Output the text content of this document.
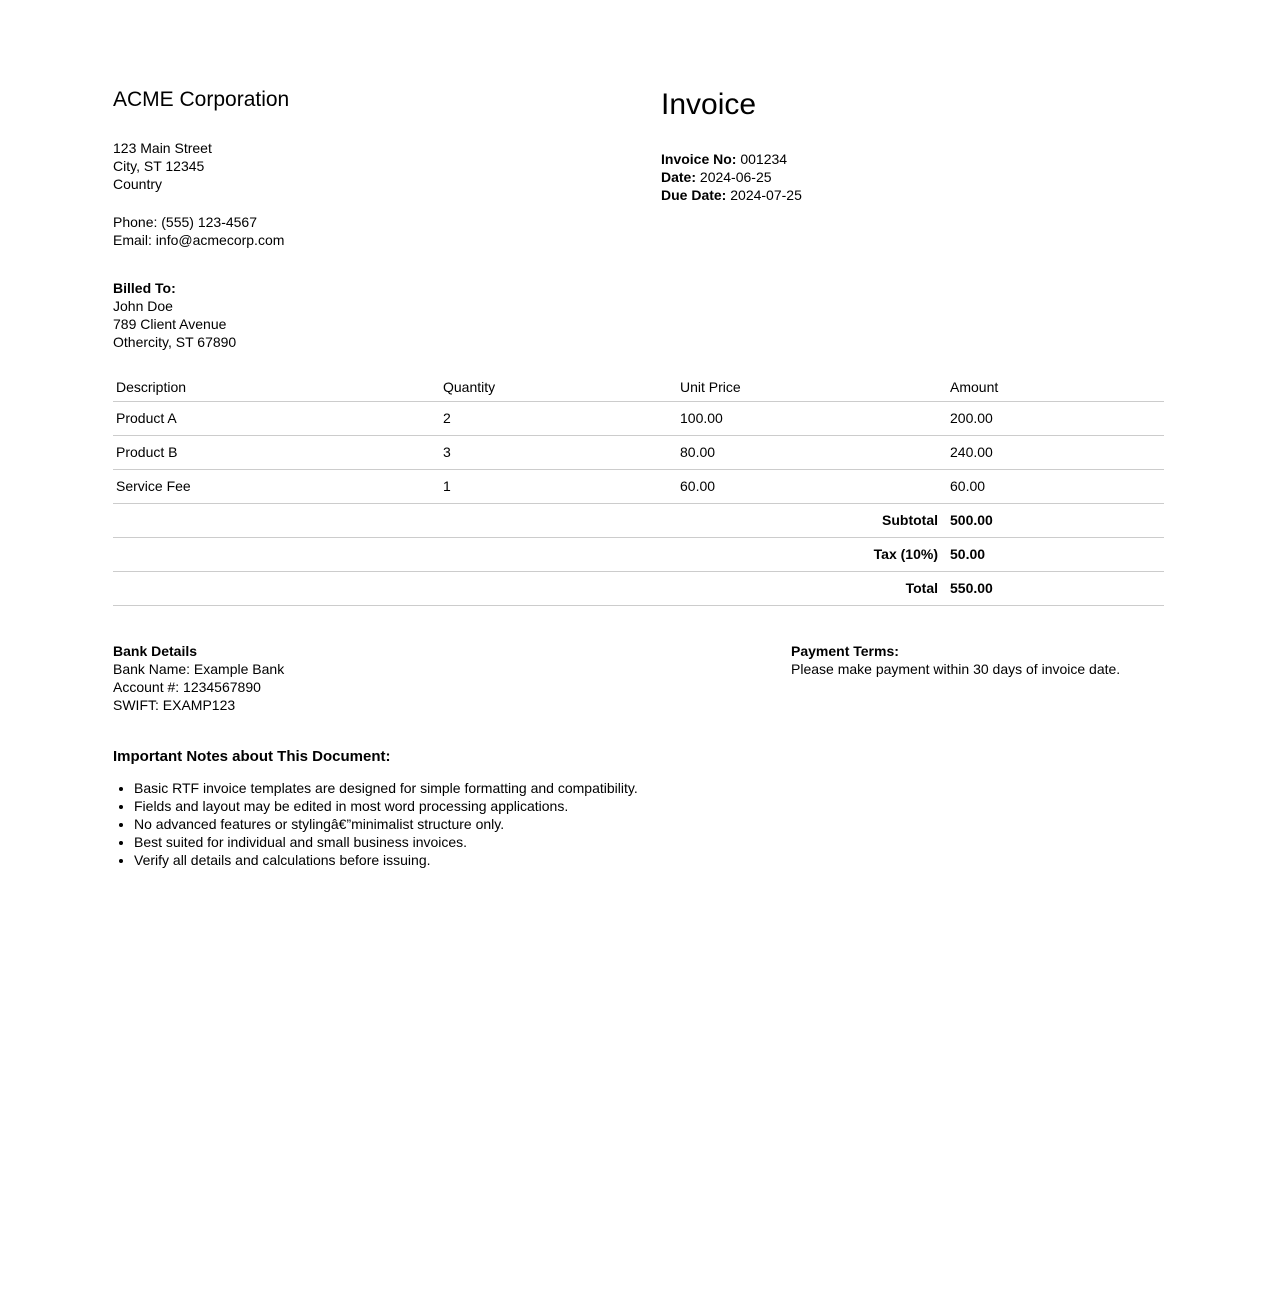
ACME Corporation

123 Main Street

City, ST 12345

Country

Phone: (555) 123-4567

Email: info@acmecorp.com

Billed To:

John Doe

789 Client Avenue

Othercity, ST 67890

Invoice

Invoice No: 001234

Date: 2024-06-25

Due Date: 2024-07-25

Description	Quantity	Unit Price	Amount
Product A	2	100.00	200.00
Product B	3	80.00	240.00
Service Fee	1	60.00	60.00
Subtotal			500.00
Tax (10%)			50.00
Total			550.00

Bank Details

Bank Name: Example Bank

Account #: 1234567890

SWIFT: EXAMP123

Payment Terms:

Please make payment within 30 days of invoice date.

Important Notes about This Document:

• Basic RTF invoice templates are designed for simple formatting and compatibility.
• Fields and layout may be edited in most word processing applications.
• No advanced features or stylingâ€”minimalist structure only.
• Best suited for individual and small business invoices.
• Verify all details and calculations before issuing.
